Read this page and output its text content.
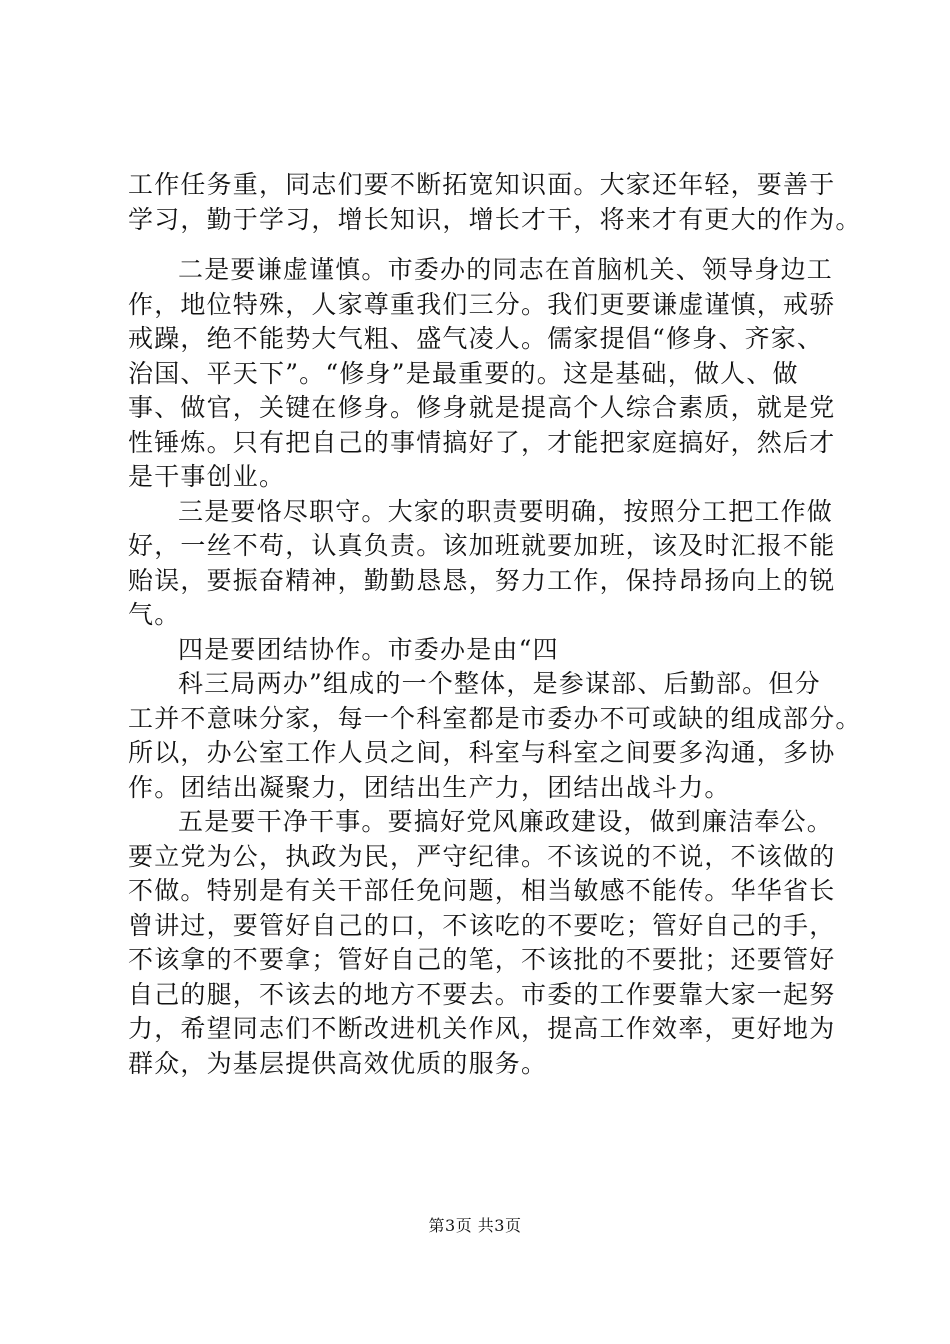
工作任务重，同志们要不断拓宽知识面。大家还年轻，要善于
学习，勤于学习，增长知识，增长才干，将来才有更大的作为。
二是要谦虚谨慎。市委办的同志在首脑机关、领导身边工
作，地位特殊，人家尊重我们三分。我们更要谦虚谨慎，戒骄
戒躁，绝不能势大气粗、盛气凌人。儒家提倡“修身、齐家、
治国、平天下”。“修身”是最重要的。这是基础，做人、做
事、做官，关键在修身。修身就是提高个人综合素质，就是党
性锤炼。只有把自己的事情搞好了，才能把家庭搞好，然后才
是干事创业。
三是要恪尽职守。大家的职责要明确，按照分工把工作做
好，一丝不苟，认真负责。该加班就要加班，该及时汇报不能
贻误，要振奋精神，勤勤恳恳，努力工作，保持昂扬向上的锐
气。
四是要团结协作。市委办是由“四
科三局两办”组成的一个整体，是参谋部、后勤部。但分
工并不意味分家，每一个科室都是市委办不可或缺的组成部分。
所以，办公室工作人员之间，科室与科室之间要多沟通，多协
作。团结出凝聚力，团结出生产力，团结出战斗力。
五是要干净干事。要搞好党风廉政建设，做到廉洁奉公。
要立党为公，执政为民，严守纪律。不该说的不说，不该做的
不做。特别是有关干部任免问题，相当敏感不能传。华华省长
曾讲过，要管好自己的口，不该吃的不要吃；管好自己的手，
不该拿的不要拿；管好自己的笔，不该批的不要批；还要管好
自己的腿，不该去的地方不要去。市委的工作要靠大家一起努
力，希望同志们不断改进机关作风，提高工作效率，更好地为
群众，为基层提供高效优质的服务。
第3页 共3页
